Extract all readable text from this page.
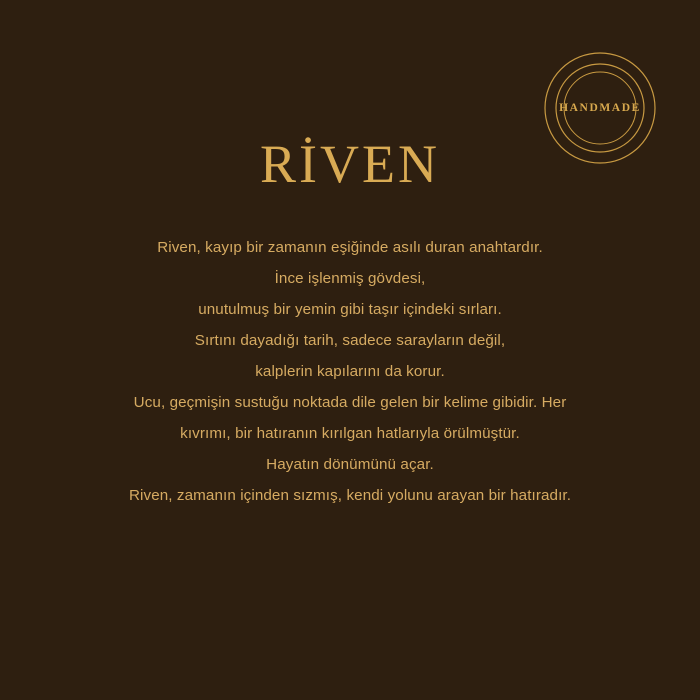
HANDMADE
RİVEN
Riven, kayıp bir zamanın eşiğinde asılı duran anahtardır.
İnce işlenmiş gövdesi,
unutulmuş bir yemin gibi taşır içindeki sırları.
Sırtını dayadığı tarih, sadece sarayların değil,
kalplerin kapılarını da korur.
Ucu, geçmişin sustuğu noktada dile gelen bir kelime gibidir. Her
kıvrımı, bir hatıranın kırılgan hatlarıyla örülmüştür.
Hayatın dönümünü açar.
Riven, zamanın içinden sızmış, kendi yolunu arayan bir hatıradır.
